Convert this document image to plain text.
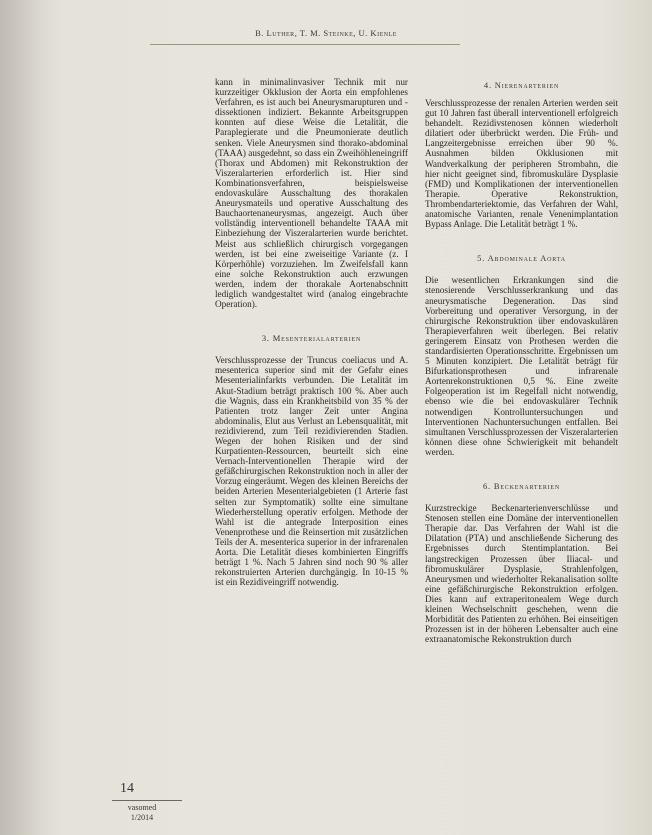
B. Luther, T. M. Steinke, U. Kienle

kann in minimalinvasiver Technik mit nur kurzzeitiger Okklusion der Aorta ein empfohlenes Verfahren, es ist auch bei Aneurysmarupturen und -dissektionen indiziert. Bekannte Arbeitsgruppen konnten auf diese Weise die Letalität, die Paraplegierate und die Pneumonierate deutlich senken. Viele Aneurysmen sind thorako-abdominal (TAAA) ausgedehnt, so dass ein Zweihöhleneingriff (Thorax und Abdomen) mit Rekonstruktion der Viszeralarterien erforderlich ist. Hier sind Kombinationsverfahren, beispielsweise endovaskuläre Ausschaltung des thorakalen Aneurysmateils und operative Ausschaltung des Bauchaortenaneurysmas, angezeigt. Auch über vollständig interventionell behandelte TAAA mit Einbeziehung der Viszeralarterien wurde berichtet. Meist aus schließlich chirurgisch vorgegangen werden, ist bei eine zweiseitige Variante (z. I Körperhöhle) vorzuziehen. Im Zweifelsfall kann eine solche Rekonstruktion auch erzwungen werden, indem der thorakale Aortenabschnitt lediglich wandgestaltet wird (analog eingebrachte Operation).

3. Mesenterialarterien

Verschlussprozesse der Truncus coeliacus und A. mesenterica superior sind mit der Gefahr eines Mesenterialinfarkts verbunden. Die Letalität im Akut-Stadium beträgt praktisch 100 %. Aber auch die Wagnis, dass ein Krankheitsbild von 35 % der Patienten trotz langer Zeit unter Angina abdominalis, Elut aus Verlust an Lebensqualität, mit rezidivierend, zum Teil rezidivierenden Stadien. Wegen der hohen Risiken und der sind Kurpatienten-Ressourcen, beurteilt sich eine Vernach-Interventionellen Therapie wird der gefäßchirurgischen Rekonstruktion noch in aller der Vorzug eingeräumt. Wegen des kleinen Bereichs der beiden Arterien Mesenterialgebieten (1 Arterie fast selten zur Symptomatik) sollte eine simultane Wiederherstellung operativ erfolgen. Methode der Wahl ist die antegrade Interposition eines Venenprothese und die Reinsertion mit zusätzlichen Teils der A. mesenterica superior in der infrarenalen Aorta. Die Letalität dieses kombinierten Eingriffs beträgt 1 %. Nach 5 Jahren sind noch 90 % aller rekonstruierten Arterien durchgängig. In 10-15 % ist ein Rezidiveingriff notwendig.

4. Nierenarterien

Verschlussprozesse der renalen Arterien werden seit gut 10 Jahren fast überall interventionell erfolgreich behandelt. Rezidivstenosen können wiederholt dilatiert oder überbrückt werden. Die Früh- und Langzeitergebnisse erreichen über 90 %. Ausnahmen bilden Okklusionen mit Wandverkalkung der peripheren Strombahn, die hier nicht geeignet sind, fibromuskuläre Dysplasie (FMD) und Komplikationen der interventionellen Therapie. Operative Rekonstruktion, Thrombendarteriektomie, das Verfahren der Wahl, anatomische Varianten, renale Venenimplantation Bypass Anlage. Die Letalität beträgt 1 %.

5. Abdominale Aorta

Die wesentlichen Erkrankungen sind die stenosierende Verschlusserkrankung und das aneurysmatische Degeneration. Das sind Vorbereitung und operativer Versorgung, in der chirurgische Rekonstruktion über endovaskulären Therapieverfahren weit überlegen. Bei relativ geringerem Einsatz von Prothesen werden die standardisierten Operationsschritte. Ergebnissen um 5 Minuten konzipiert. Die Letalität beträgt für Bifurkationsprothesen und infrarenale Aortenrekonstruktionen 0,5 %. Eine zweite Folgeoperation ist im Regelfall nicht notwendig, ebenso wie die bei endovaskulärer Technik notwendigen Kontrolluntersuchungen und Interventionen Nachuntersuchungen entfallen. Bei simultanen Verschlussprozessen der Viszeralarterien können diese ohne Schwierigkeit mit behandelt werden.

6. Beckenarterien

Kurzstreckige Beckenarterienverschlüsse und Stenosen stellen eine Domäne der interventionellen Therapie dar. Das Verfahren der Wahl ist die Dilatation (PTA) und anschließende Sicherung des Ergebnisses durch Stentimplantation. Bei langstreckigen Prozessen über Iliacal- und fibromuskulärer Dysplasie, Strahlenfolgen, Aneurysmen und wiederholter Rekanalisation sollte eine gefäßchirurgische Rekonstruktion erfolgen. Dies kann auf extraperitonealem Wege durch kleinen Wechselschnitt geschehen, wenn die Morbidität des Patienten zu erhöhen. Bei einseitigen Prozessen ist in der höheren Lebensalter auch eine extraanatomische Rekonstruktion durch

14
vasomed
1/2014
